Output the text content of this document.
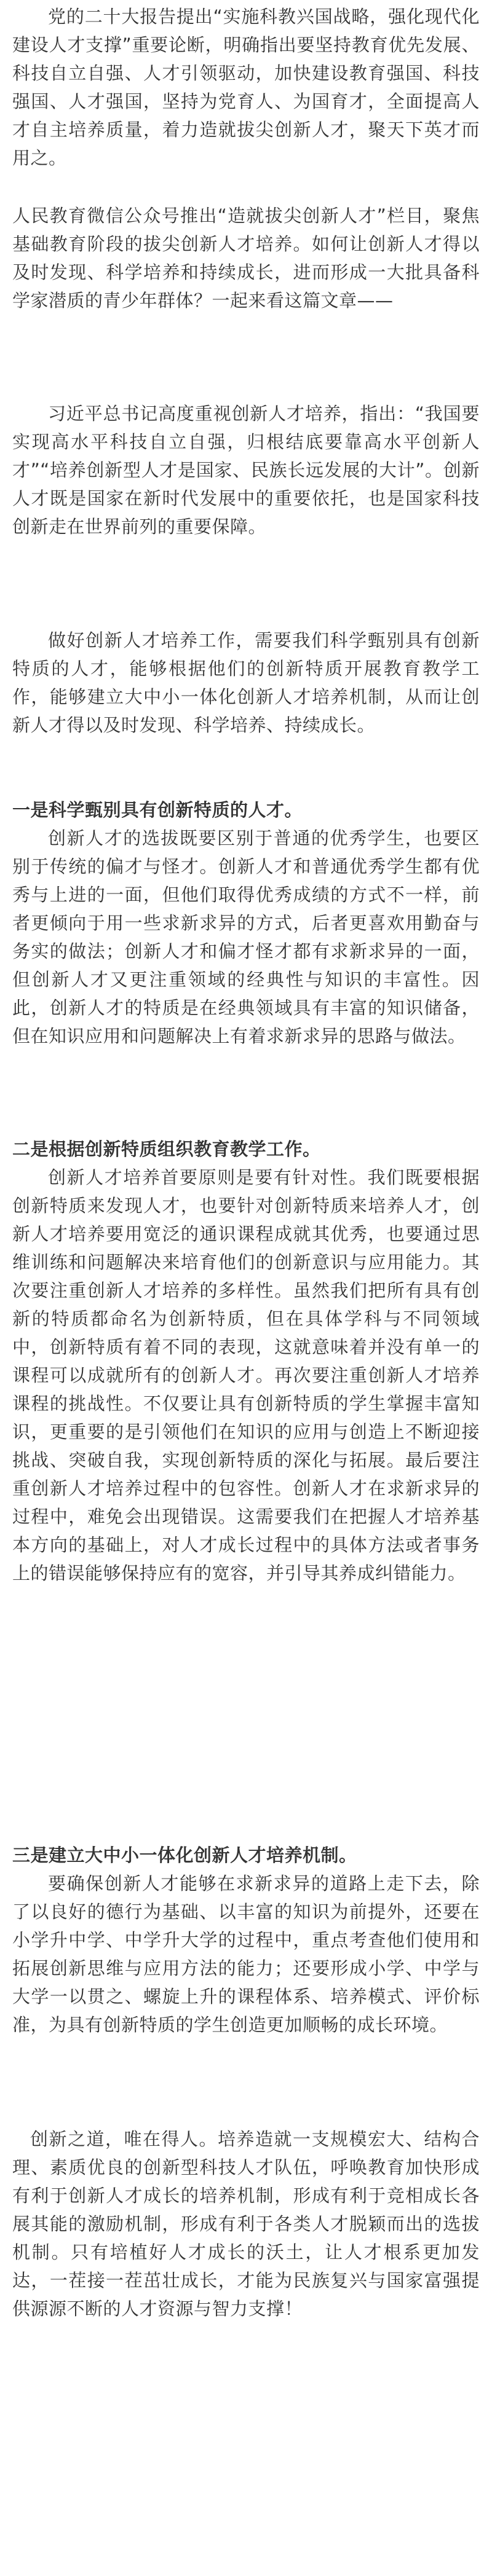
党的二十大报告提出“实施科教兴国战略，强化现代化建设人才支撑”重要论断，明确指出要坚持教育优先发展、科技自立自强、人才引领驱动，加快建设教育强国、科技强国、人才强国，坚持为党育人、为国育才，全面提高人才自主培养质量，着力造就拔尖创新人才，聚天下英才而用之。

人民教育微信公众号推出“造就拔尖创新人才”栏目，聚焦基础教育阶段的拔尖创新人才培养。如何让创新人才得以及时发现、科学培养和持续成长，进而形成一大批具备科学家潜质的青少年群体？一起来看这篇文章——

习近平总书记高度重视创新人才培养，指出：“我国要实现高水平科技自立自强，归根结底要靠高水平创新人才”“培养创新型人才是国家、民族长远发展的大计”。创新人才既是国家在新时代发展中的重要依托，也是国家科技创新走在世界前列的重要保障。

做好创新人才培养工作，需要我们科学甄别具有创新特质的人才，能够根据他们的创新特质开展教育教学工作，能够建立大中小一体化创新人才培养机制，从而让创新人才得以及时发现、科学培养、持续成长。

一是科学甄别具有创新特质的人才。

创新人才的选拔既要区别于普通的优秀学生，也要区别于传统的偏才与怪才。创新人才和普通优秀学生都有优秀与上进的一面，但他们取得优秀成绩的方式不一样，前者更倾向于用一些求新求异的方式，后者更喜欢用勤奋与务实的做法；创新人才和偏才怪才都有求新求异的一面，但创新人才又更注重领域的经典性与知识的丰富性。因此，创新人才的特质是在经典领域具有丰富的知识储备，但在知识应用和问题解决上有着求新求异的思路与做法。

二是根据创新特质组织教育教学工作。

创新人才培养首要原则是要有针对性。我们既要根据创新特质来发现人才，也要针对创新特质来培养人才，创新人才培养要用宽泛的通识课程成就其优秀，也要通过思维训练和问题解决来培育他们的创新意识与应用能力。其次要注重创新人才培养的多样性。虽然我们把所有具有创新的特质都命名为创新特质，但在具体学科与不同领域中，创新特质有着不同的表现，这就意味着并没有单一的课程可以成就所有的创新人才。再次要注重创新人才培养课程的挑战性。不仅要让具有创新特质的学生掌握丰富知识，更重要的是引领他们在知识的应用与创造上不断迎接挑战、突破自我，实现创新特质的深化与拓展。最后要注重创新人才培养过程中的包容性。创新人才在求新求异的过程中，难免会出现错误。这需要我们在把握人才培养基本方向的基础上，对人才成长过程中的具体方法或者事务上的错误能够保持应有的宽容，并引导其养成纠错能力。

三是建立大中小一体化创新人才培养机制。

要确保创新人才能够在求新求异的道路上走下去，除了以良好的德行为基础、以丰富的知识为前提外，还要在小学升中学、中学升大学的过程中，重点考查他们使用和拓展创新思维与应用方法的能力；还要形成小学、中学与大学一以贯之、螺旋上升的课程体系、培养模式、评价标准，为具有创新特质的学生创造更加顺畅的成长环境。

创新之道，唯在得人。培养造就一支规模宏大、结构合理、素质优良的创新型科技人才队伍，呼唤教育加快形成有利于创新人才成长的培养机制，形成有利于竞相成长各展其能的激励机制，形成有利于各类人才脱颖而出的选拔机制。只有培植好人才成长的沃土，让人才根系更加发达，一茬接一茬茁壮成长，才能为民族复兴与国家富强提供源源不断的人才资源与智力支撑！
